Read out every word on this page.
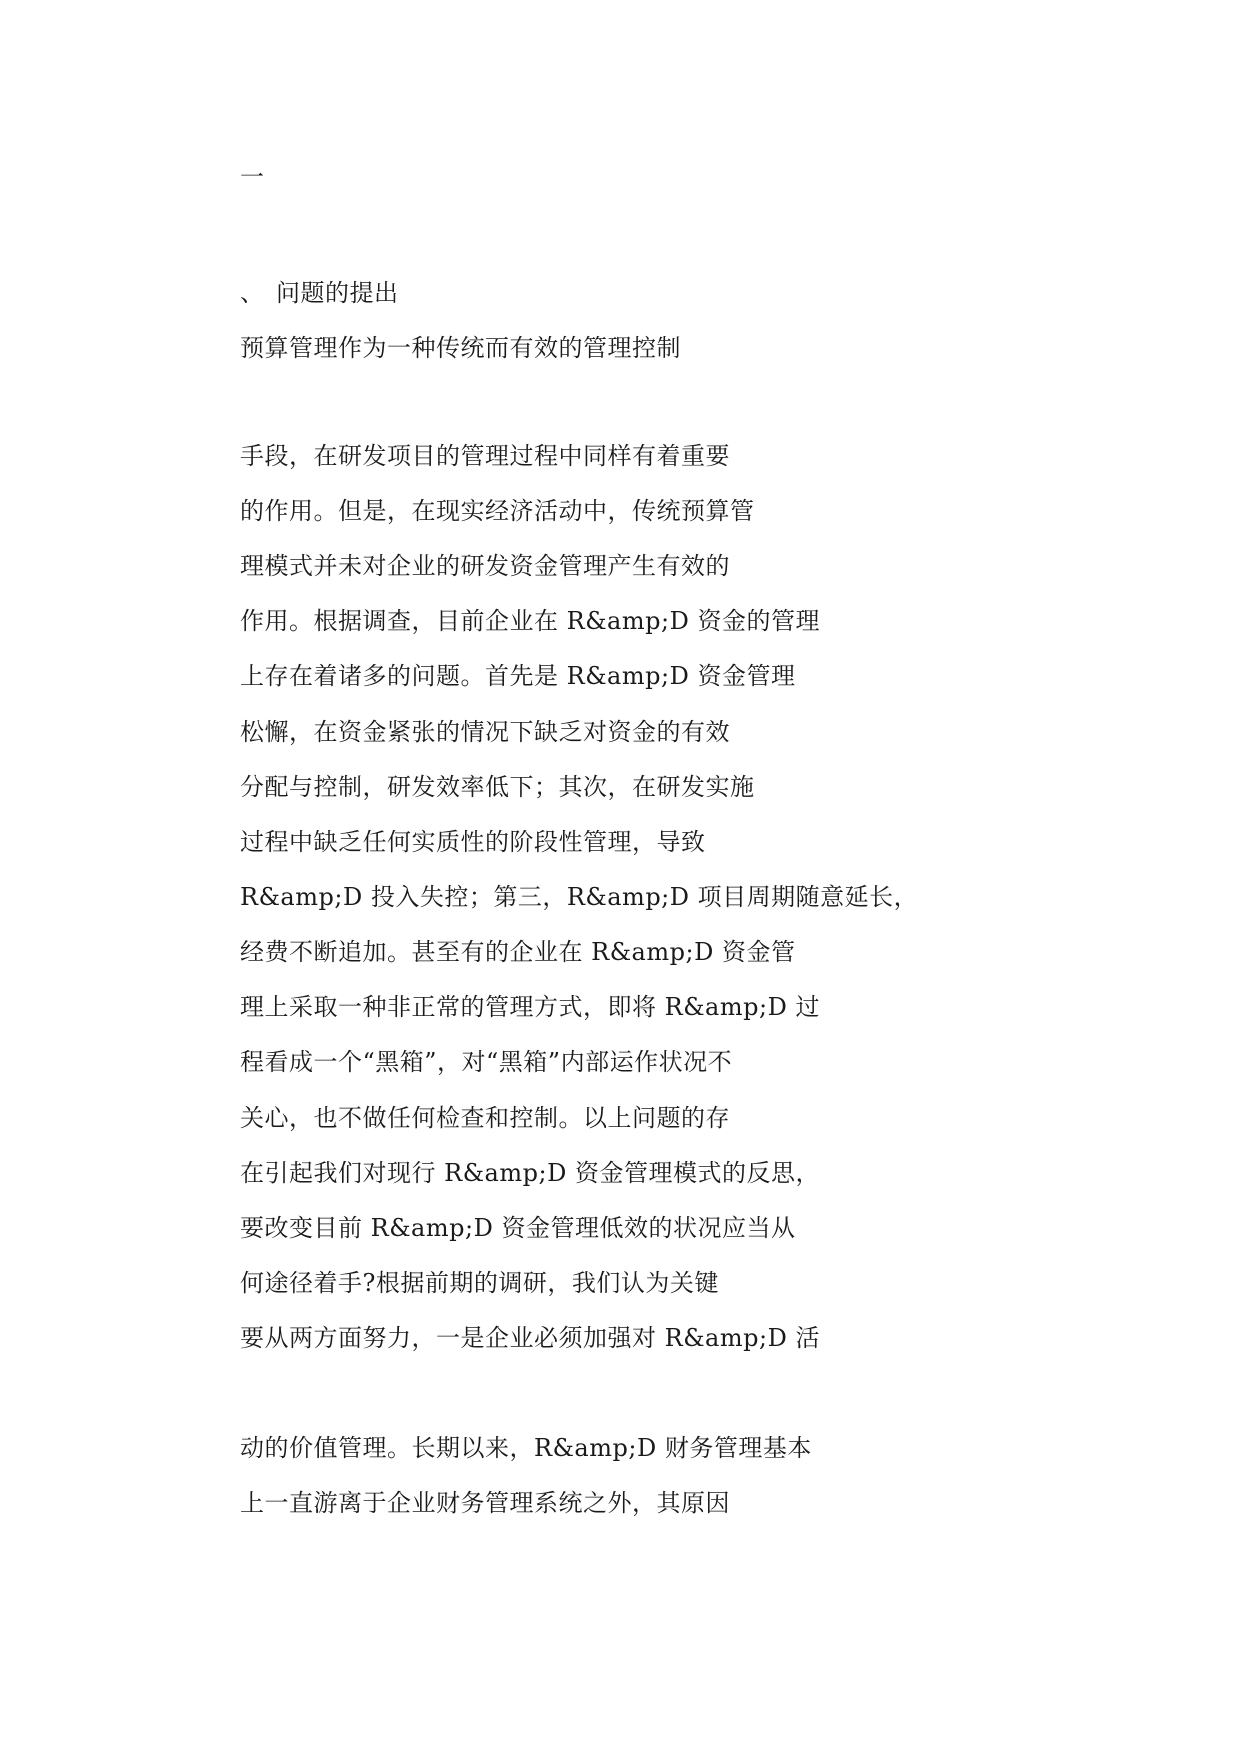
一
、 问题的提出
预算管理作为一种传统而有效的管理控制
手段，在研发项目的管理过程中同样有着重要
的作用。但是，在现实经济活动中，传统预算管
理模式并未对企业的研发资金管理产生有效的
作用。根据调查，目前企业在 R&amp;D 资金的管理
上存在着诸多的问题。首先是 R&amp;D 资金管理
松懈，在资金紧张的情况下缺乏对资金的有效
分配与控制，研发效率低下；其次，在研发实施
过程中缺乏任何实质性的阶段性管理，导致
R&amp;D 投入失控；第三，R&amp;D 项目周期随意延长，
经费不断追加。甚至有的企业在 R&amp;D 资金管
理上采取一种非正常的管理方式，即将 R&amp;D 过
程看成一个“黑箱”，对“黑箱”内部运作状况不
关心，也不做任何检查和控制。以上问题的存
在引起我们对现行 R&amp;D 资金管理模式的反思，
要改变目前 R&amp;D 资金管理低效的状况应当从
何途径着手?根据前期的调研，我们认为关键
要从两方面努力，一是企业必须加强对 R&amp;D 活
动的价值管理。长期以来，R&amp;D 财务管理基本
上一直游离于企业财务管理系统之外，其原因
